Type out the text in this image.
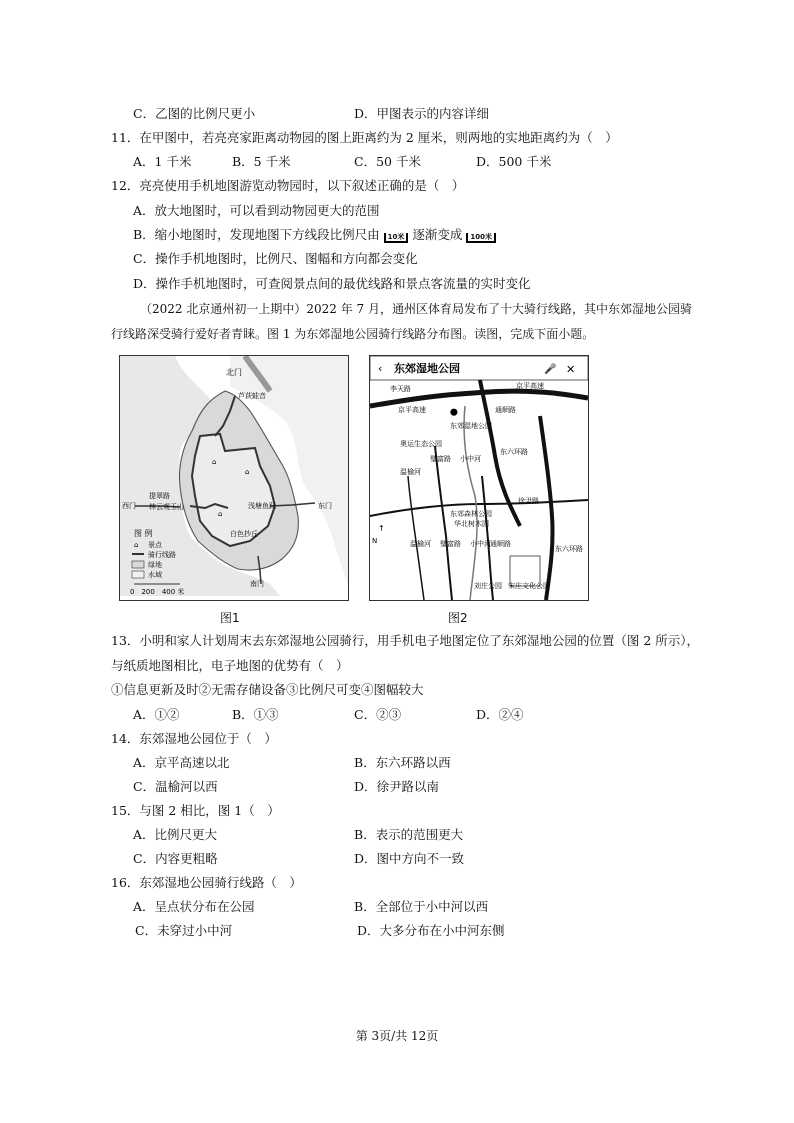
C．乙图的比例尺更小	D．甲图表示的内容详细
11．在甲图中，若亮亮家距离动物园的图上距离约为 2 厘米，则两地的实地距离约为（　）
A．1 千米	B．5 千米	C．50 千米	D．500 千米
12．亮亮使用手机地图游览动物园时，以下叙述正确的是（　）
A．放大地图时，可以看到动物园更大的范围
B．缩小地图时，发现地图下方线段比例尺由 10米 逐渐变成 100米
C．操作手机地图时，比例尺、图幅和方向都会变化
D．操作手机地图时，可查阅景点间的最优线路和景点客流量的实时变化
（2022 北京通州初一上期中）2022 年 7 月，通州区体育局发布了十大骑行线路，其中东郊湿地公园骑
行线路深受骑行爱好者青睐。图 1 为东郊湿地公园骑行线路分布图。读图，完成下面小题。
北门
芦荻蛙音
西门
提翠路
林云观玉山	浅塘鱼跃	东门
白色抄丘
南门
⌂
⌂
⌂
图 例
⌂ 景点
骑行线路
绿地
水域
0　200　400 米
图1
‹ 东郊湿地公园	🎤 ✕
李天路
京平高速
京平高速
通顺路
⬤
东郊湿地公园
奥运生态公园
璧富路 小中河
东六环路
温榆河
徐尹路
东郊森林公园
华北树木园
↑
N	温榆河 璧富路 小中河 通顺路
东六环路
刘庄公园 宋庄文化公园
图2
13．小明和家人计划周末去东郊湿地公园骑行，用手机电子地图定位了东郊湿地公园的位置（图 2 所示），
与纸质地图相比，电子地图的优势有（　）
①信息更新及时②无需存储设备③比例尺可变④图幅较大
A．①②	B．①③	C．②③	D．②④
14．东郊湿地公园位于（　）
A．京平高速以北	B．东六环路以西
C．温榆河以西	D．徐尹路以南
15．与图 2 相比，图 1（　）
A．比例尺更大	B．表示的范围更大
C．内容更粗略	D．图中方向不一致
16．东郊湿地公园骑行线路（　）
A．呈点状分布在公园	B．全部位于小中河以西
C．未穿过小中河	D．大多分布在小中河东侧
第 3页/共 12页
